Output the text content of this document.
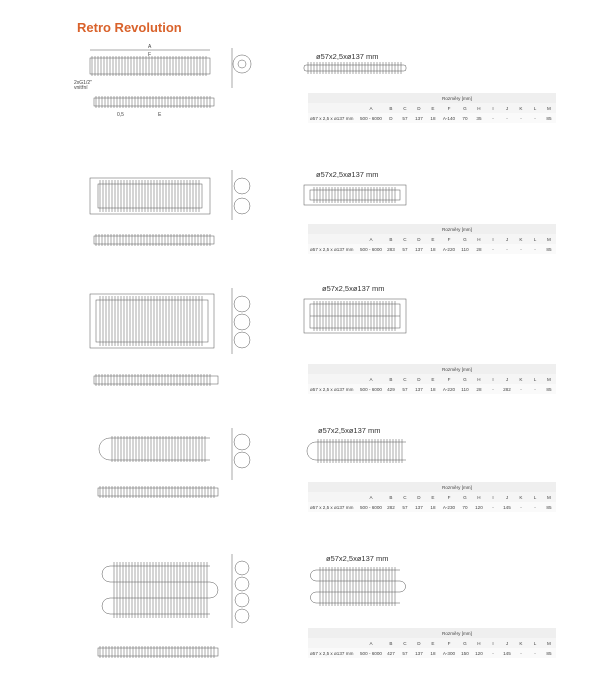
Retro Revolution
A
F
2xG1/2"
vnitřní
0,5	E
ø57x2,5xø137 mm
	Rozměry [mm]												
	A	B	C	D	E	F	G	H	I	J	K	L	M
ø57 x 2,5 x ø137 mm	500 - 6000	D	57	137	18	A-140	70	35	-	-	-	-	85
ø57x2,5xø137 mm
	Rozměry [mm]												
	A	B	C	D	E	F	G	H	I	J	K	L	M
ø57 x 2,5 x ø137 mm	500 - 6000	283	57	137	18	A-220	110	28	-	-	-	-	85
ø57x2,5xø137 mm
	Rozměry [mm]												
	A	B	C	D	E	F	G	H	I	J	K	L	M
ø57 x 2,5 x ø137 mm	500 - 6000	429	57	137	18	A-220	110	28	-	282	-	-	85
ø57x2,5xø137 mm
	Rozměry [mm]												
	A	B	C	D	E	F	G	H	I	J	K	L	M
ø57 x 2,5 x ø137 mm	500 - 6000	282	57	137	18	A-230	70	120	-	145	-	-	85
ø57x2,5xø137 mm
	Rozměry [mm]												
	A	B	C	D	E	F	G	H	I	J	K	L	M
ø57 x 2,5 x ø137 mm	500 - 6000	427	57	137	18	A-300	150	120	-	145	-	-	85
